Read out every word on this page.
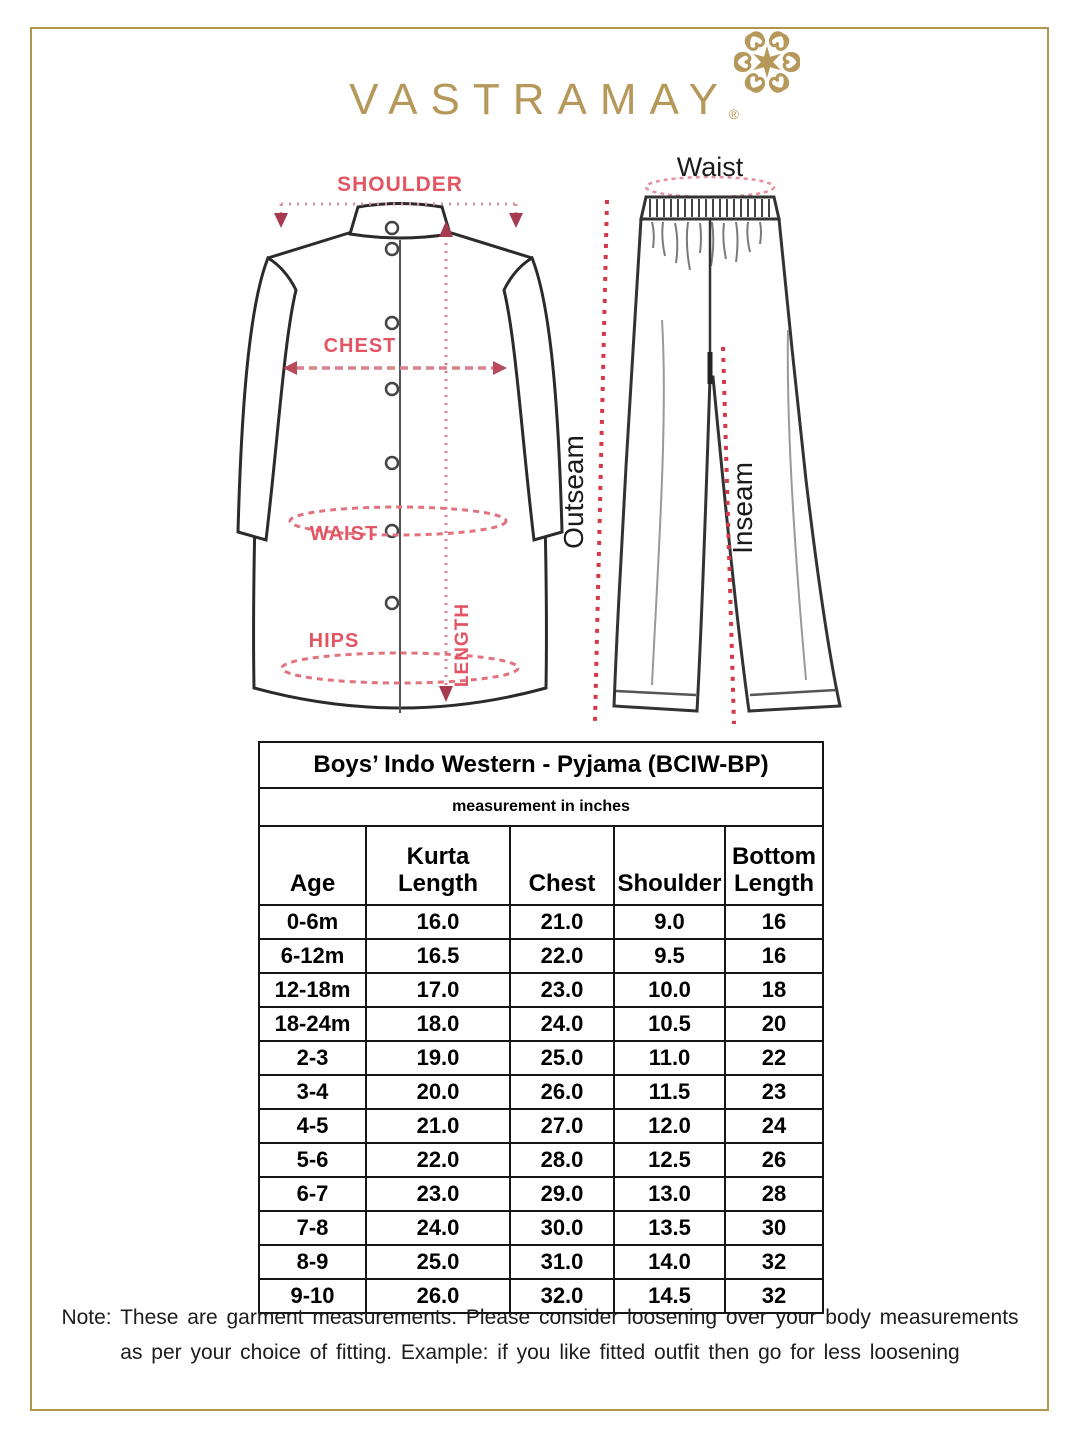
VASTRAMAY
®
SHOULDER
CHEST
WAIST
HIPS	LENGTH
Waist
Outseam	Inseam
Boys’ Indo Western - Pyjama (BCIW-BP)				
measurement in inches				
Age	Kurta Length	Chest	Shoulder	Bottom Length
0-6m	16.0	21.0	9.0	16
6-12m	16.5	22.0	9.5	16
12-18m	17.0	23.0	10.0	18
18-24m	18.0	24.0	10.5	20
2-3	19.0	25.0	11.0	22
3-4	20.0	26.0	11.5	23
4-5	21.0	27.0	12.0	24
5-6	22.0	28.0	12.5	26
6-7	23.0	29.0	13.0	28
7-8	24.0	30.0	13.5	30
8-9	25.0	31.0	14.0	32
9-10	26.0	32.0	14.5	32
Note: These are garment measurements. Please consider loosening over your body measurements as per your choice of fitting. Example: if you like fitted outfit then go for less loosening
